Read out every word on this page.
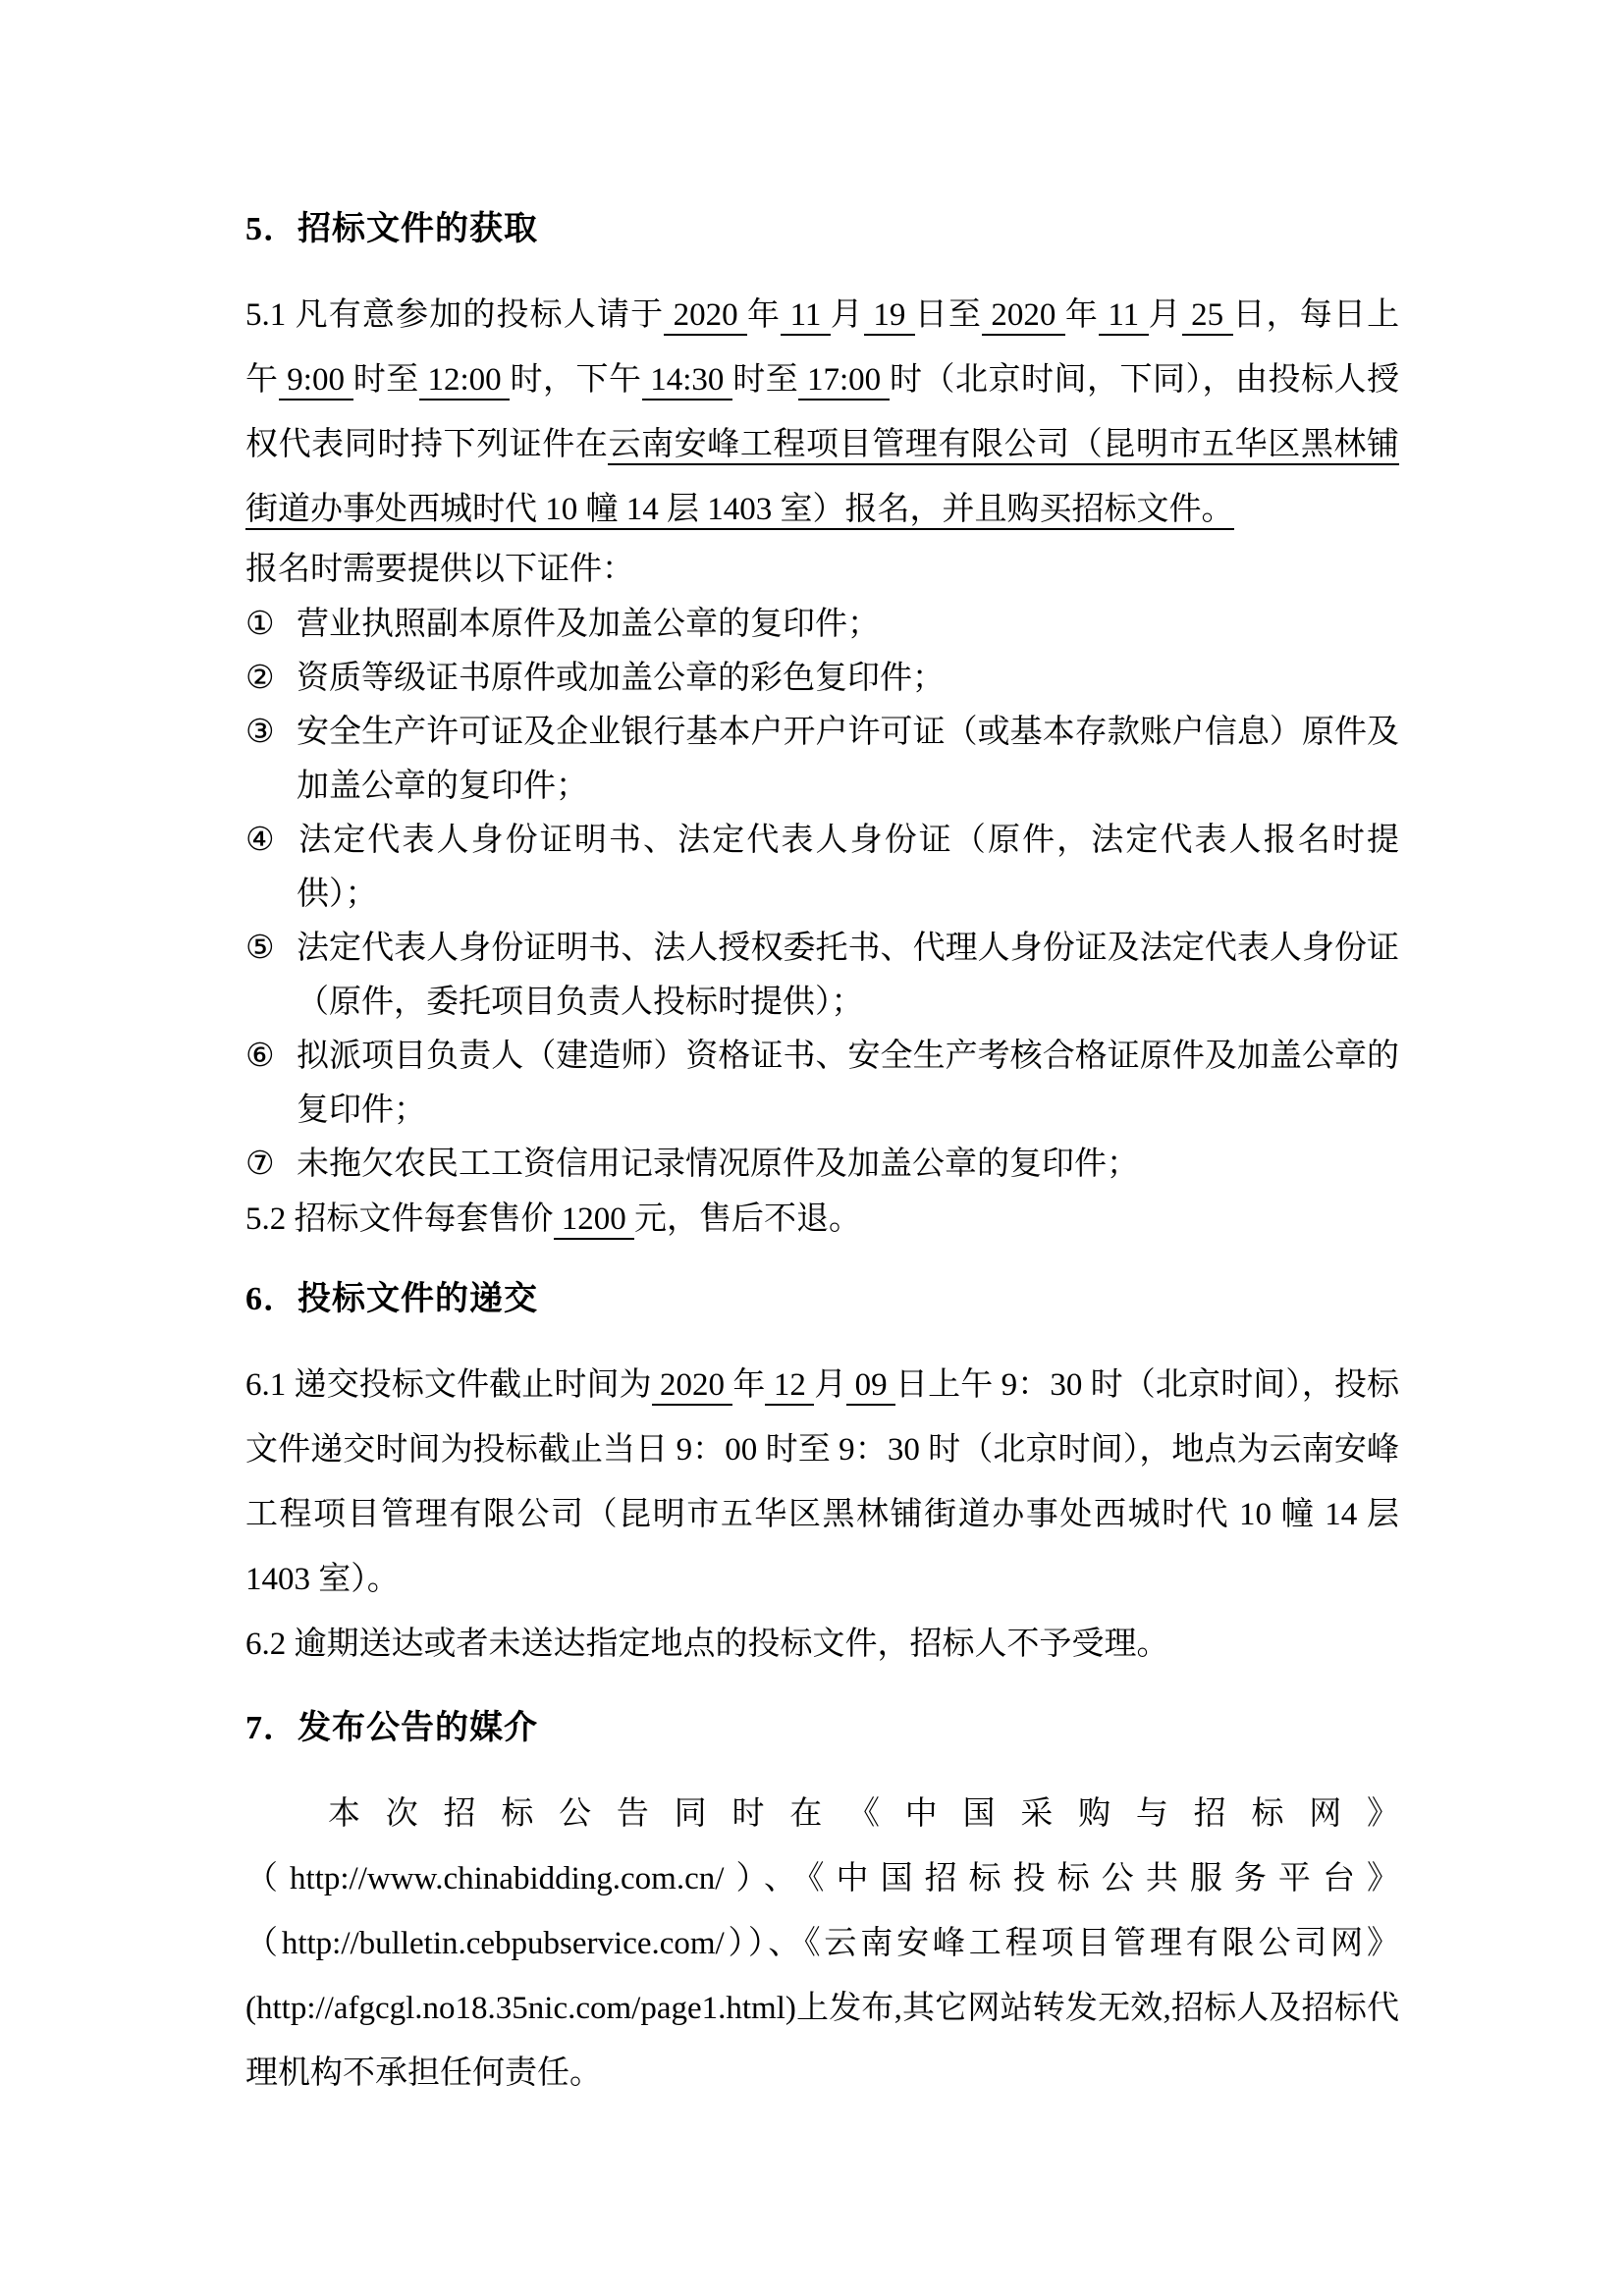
5．招标文件的获取

5.1 凡有意参加的投标人请于 2020 年 11 月 19 日至 2020 年 11 月 25 日，每日上午 9:00 时至 12:00 时，下午 14:30 时至 17:00 时（北京时间，下同），由投标人授权代表同时持下列证件在云南安峰工程项目管理有限公司（昆明市五华区黑林铺街道办事处西城时代 10 幢 14 层 1403 室）报名，并且购买招标文件。

报名时需要提供以下证件：

① 营业执照副本原件及加盖公章的复印件；
② 资质等级证书原件或加盖公章的彩色复印件；
③ 安全生产许可证及企业银行基本户开户许可证（或基本存款账户信息）原件及加盖公章的复印件；
④ 法定代表人身份证明书、法定代表人身份证（原件，法定代表人报名时提供）；
⑤ 法定代表人身份证明书、法人授权委托书、代理人身份证及法定代表人身份证（原件，委托项目负责人投标时提供）；
⑥ 拟派项目负责人（建造师）资格证书、安全生产考核合格证原件及加盖公章的复印件；
⑦ 未拖欠农民工工资信用记录情况原件及加盖公章的复印件；

5.2 招标文件每套售价 1200 元，售后不退。

6．投标文件的递交

6.1 递交投标文件截止时间为 2020 年 12 月 09 日上午 9：30 时（北京时间），投标文件递交时间为投标截止当日 9：00 时至 9：30 时（北京时间），地点为云南安峰工程项目管理有限公司（昆明市五华区黑林铺街道办事处西城时代 10 幢 14 层 1403 室）。

6.2 逾期送达或者未送达指定地点的投标文件，招标人不予受理。

7．发布公告的媒介

本次招标公告同时在《中国采购与招标网》（http://www.chinabidding.com.cn/）、《中国招标投标公共服务平台》（http://bulletin.cebpubservice.com/））、《云南安峰工程项目管理有限公司网》(http://afgcgl.no18.35nic.com/page1.html)上发布,其它网站转发无效,招标人及招标代理机构不承担任何责任。
